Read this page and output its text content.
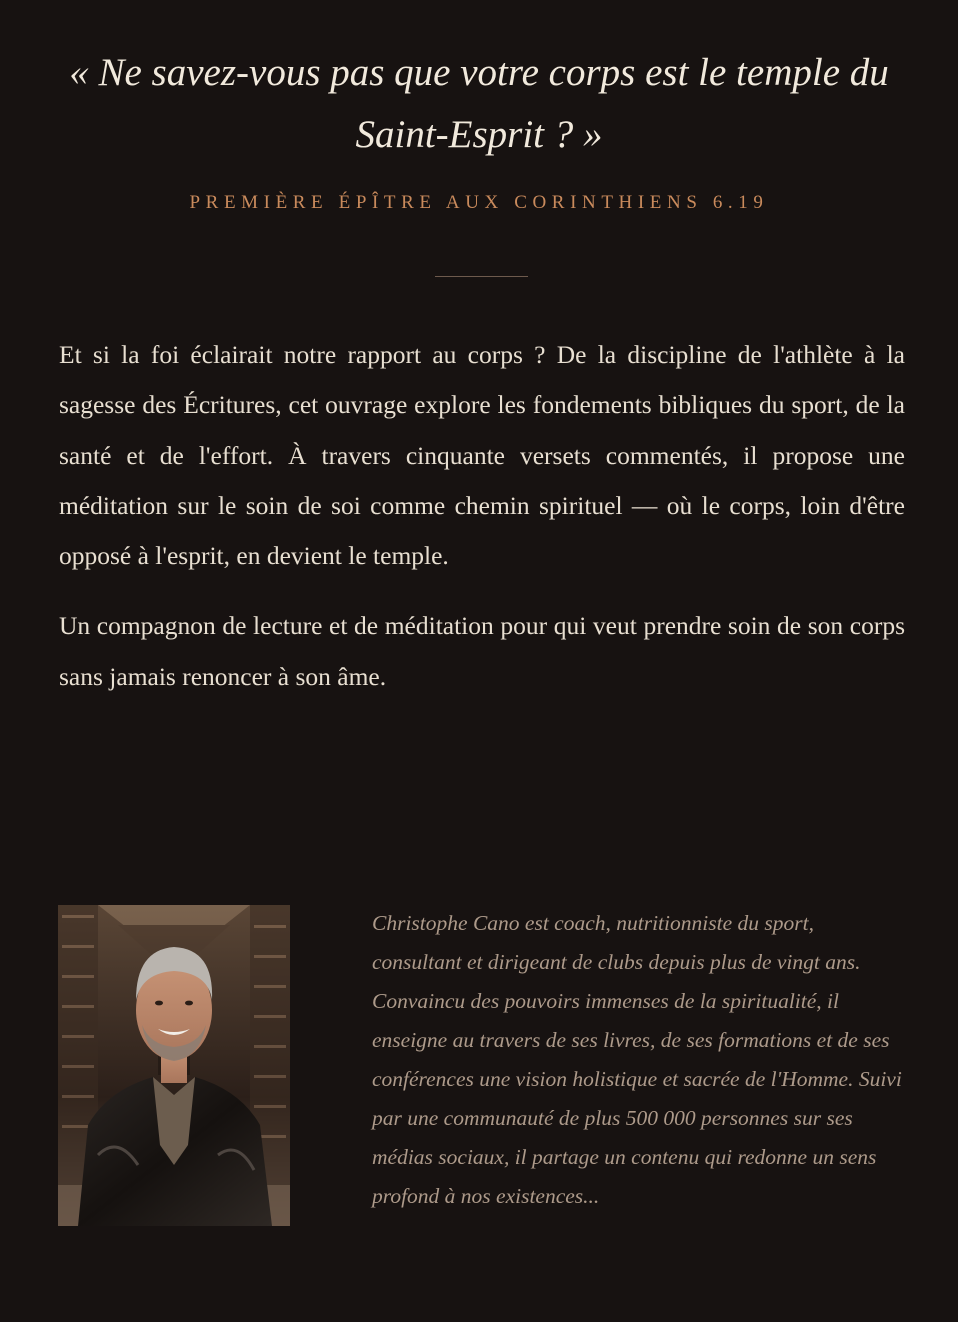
« Ne savez-vous pas que votre corps est le temple du Saint-Esprit ? »
PREMIÈRE ÉPÎTRE AUX CORINTHIENS 6.19

Et si la foi éclairait notre rapport au corps ? De la discipline de l'athlète à la sagesse des Écritures, cet ouvrage explore les fondements bibliques du sport, de la santé et de l'effort. À travers cinquante versets commentés, il propose une méditation sur le soin de soi comme chemin spirituel — où le corps, loin d'être opposé à l'esprit, en devient le temple.

Un compagnon de lecture et de méditation pour qui veut prendre soin de son corps sans jamais renoncer à son âme.

Christophe Cano est coach, nutritionniste du sport, consultant et dirigeant de clubs depuis plus de vingt ans. Convaincu des pouvoirs immenses de la spiritualité, il enseigne au travers de ses livres, de ses formations et de ses conférences une vision holistique et sacrée de l'Homme. Suivi par une communauté de plus 500 000 personnes sur ses médias sociaux, il partage un contenu qui redonne un sens profond à nos existences...
